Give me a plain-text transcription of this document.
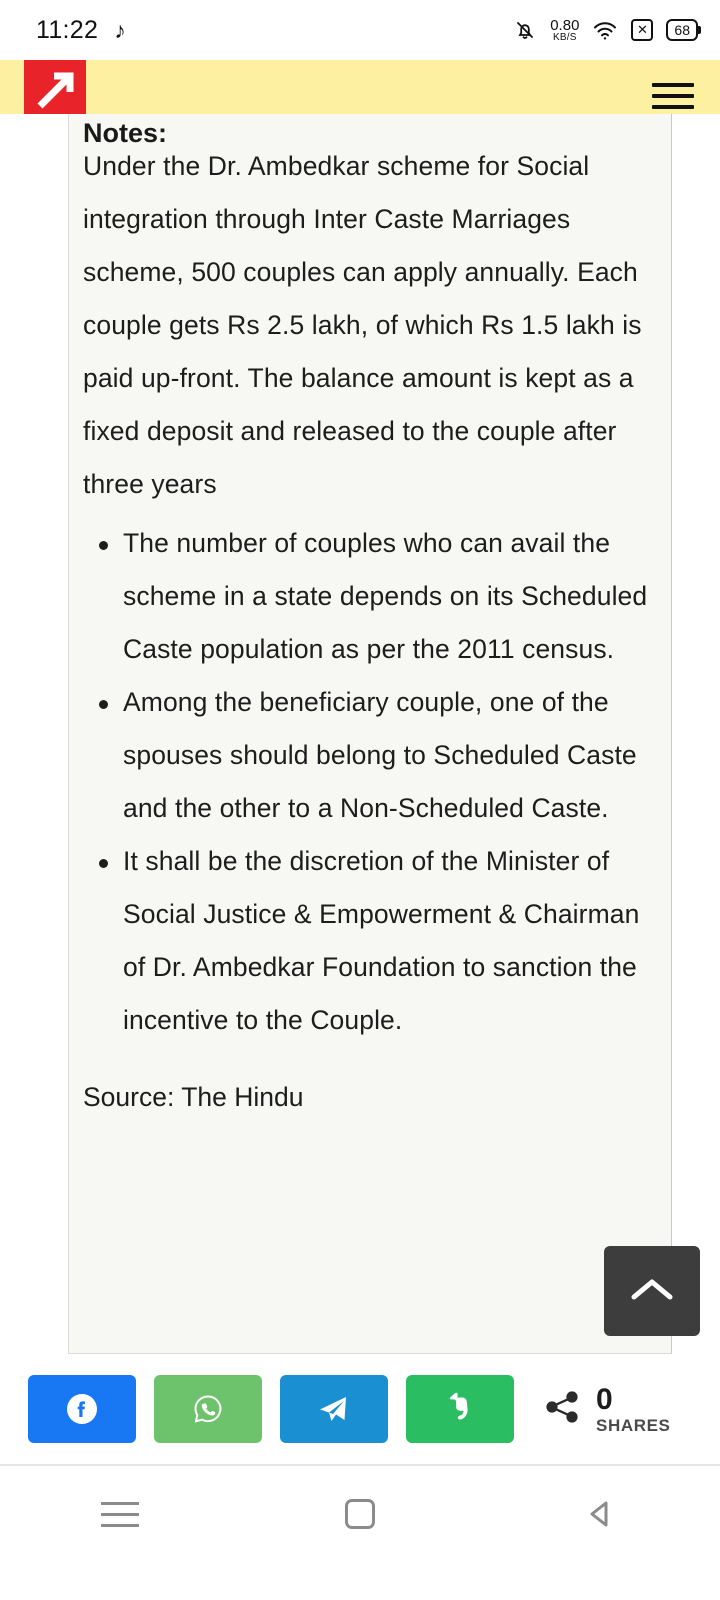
11:22 ♪	0.80
KB/S	✕	68
Notes:

Under the Dr. Ambedkar scheme for Social integration through Inter Caste Marriages scheme, 500 couples can apply annually. Each couple gets Rs 2.5 lakh, of which Rs 1.5 lakh is paid up-front. The balance amount is kept as a fixed deposit and released to the couple after three years

The number of couples who can avail the scheme in a state depends on its Scheduled Caste population as per the 2011 census.
Among the beneficiary couple, one of the spouses should belong to Scheduled Caste and the other to a Non-Scheduled Caste.
It shall be the discretion of the Minister of Social Justice & Empowerment & Chairman of Dr. Ambedkar Foundation to sanction the incentive to the Couple.
Source: The Hindu
0
SHARES
